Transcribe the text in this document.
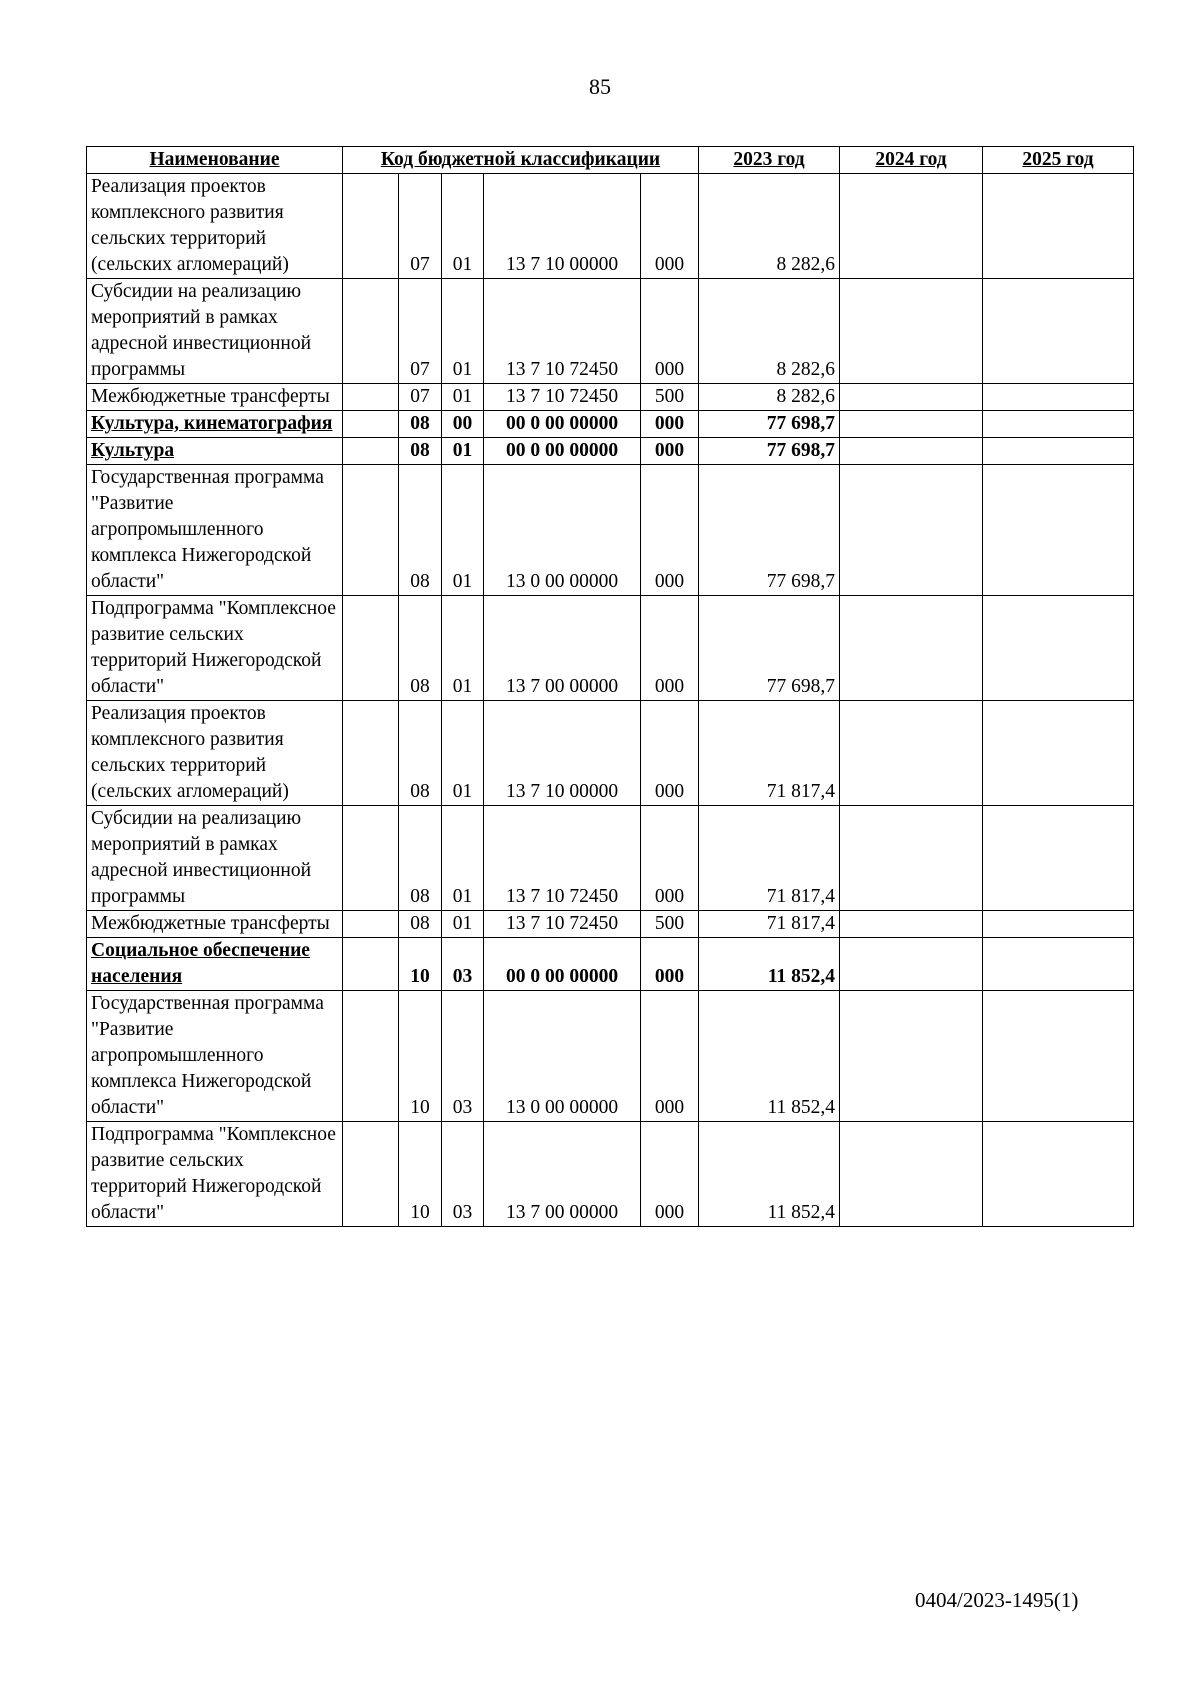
85
Наименование	Код бюджетной классификации					2023 год	2024 год	2025 год
Реализация проектов комплексного развития сельских территорий (сельских агломераций)		07	01	13 7 10 00000	000	8 282,6		
Субсидии на реализацию мероприятий в рамках адресной инвестиционной программы		07	01	13 7 10 72450	000	8 282,6		
Межбюджетные трансферты		07	01	13 7 10 72450	500	8 282,6		
Культура, кинематография		08	00	00 0 00 00000	000	77 698,7		
Культура		08	01	00 0 00 00000	000	77 698,7		
Государственная программа "Развитие агропромышленного комплекса Нижегородской области"		08	01	13 0 00 00000	000	77 698,7		
Подпрограмма "Комплексное развитие сельских территорий Нижегородской области"		08	01	13 7 00 00000	000	77 698,7		
Реализация проектов комплексного развития сельских территорий (сельских агломераций)		08	01	13 7 10 00000	000	71 817,4		
Субсидии на реализацию мероприятий в рамках адресной инвестиционной программы		08	01	13 7 10 72450	000	71 817,4		
Межбюджетные трансферты		08	01	13 7 10 72450	500	71 817,4		
Социальное обеспечение населения		10	03	00 0 00 00000	000	11 852,4		
Государственная программа "Развитие агропромышленного комплекса Нижегородской области"		10	03	13 0 00 00000	000	11 852,4		
Подпрограмма "Комплексное развитие сельских территорий Нижегородской области"		10	03	13 7 00 00000	000	11 852,4		
0404/2023-1495(1)
